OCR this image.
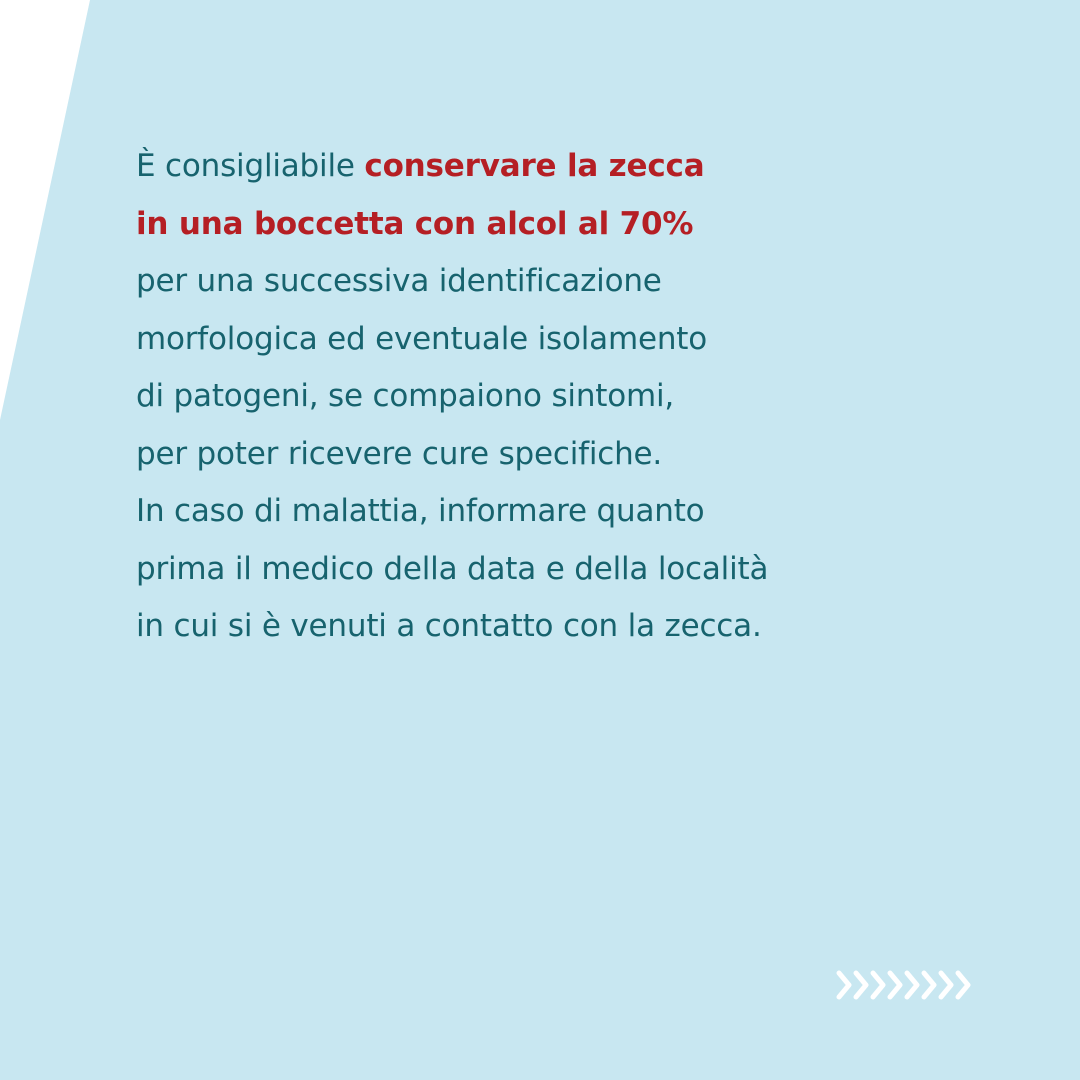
È consigliabile conservare la zecca
in una boccetta con alcol al 70%
per una successiva identificazione
morfologica ed eventuale isolamento
di patogeni, se compaiono sintomi,
per poter ricevere cure specifiche.
In caso di malattia, informare quanto
prima il medico della data e della località
in cui si è venuti a contatto con la zecca.
